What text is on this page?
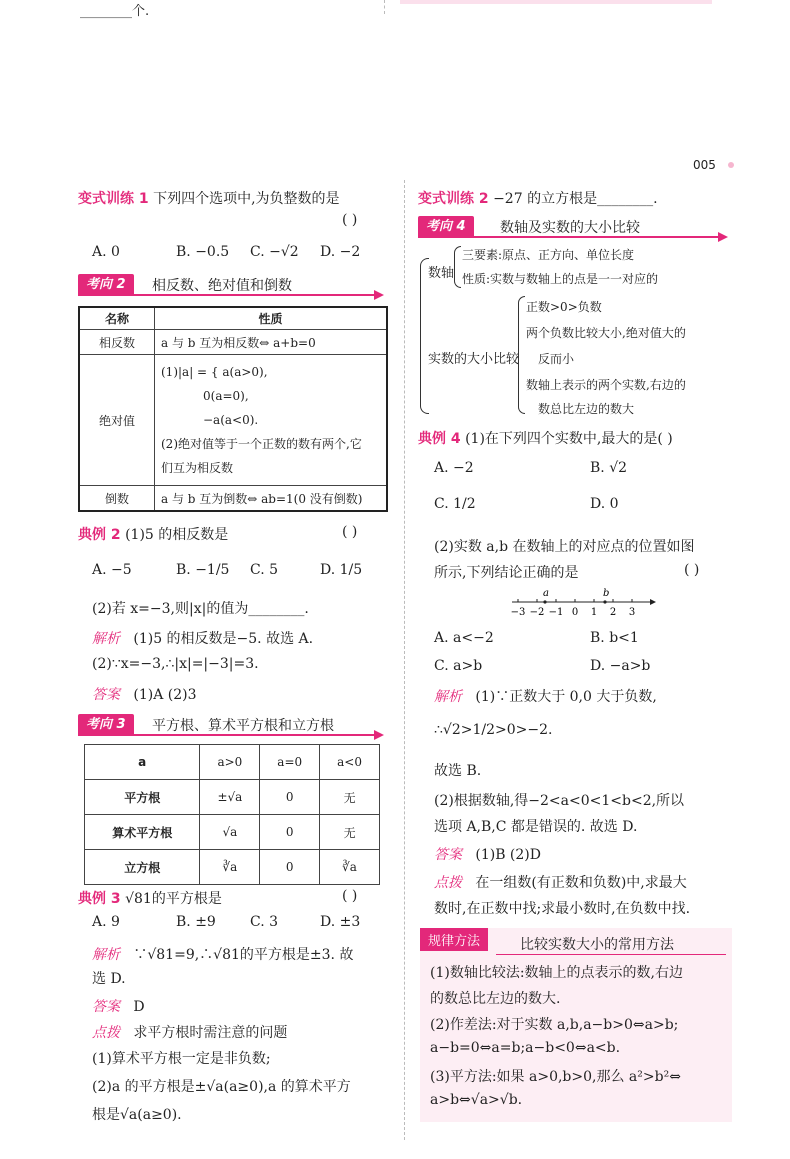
________个.
005
变式训练 1 下列四个选项中,为负整数的是
( )
A. 0	B. −0.5 C. −√2 D. −2
考向 2	相反数、绝对值和倒数
名称	性质
相反数	a 与 b 互为相反数⇔ a+b=0
绝对值	(1)|a| = { a(a>0),
0(a=0),
−a(a<0).
(2)绝对值等于一个正数的数有两个,它
们互为相反数

倒数	a 与 b 互为倒数⇔ ab=1(0 没有倒数)
典例 2 (1)5 的相反数是	( )
A. −5	B. −1/5 C. 5	D. 1/5
(2)若 x=−3,则|x|的值为________.
解析 (1)5 的相反数是−5. 故选 A.
(2)∵x=−3,∴|x|=|−3|=3.
答案 (1)A (2)3
考向 3	平方根、算术平方根和立方根
a	a>0	a=0	a<0
平方根	±√a	0	无
算术平方根	√a	0	无
立方根	∛a	0	∛a
典例 3 √81的平方根是	( )
A. 9	B. ±9 C. 3	D. ±3
解析 ∵√81=9,∴√81的平方根是±3. 故
选 D.
答案 D
点拨 求平方根时需注意的问题
(1)算术平方根一定是非负数;
(2)a 的平方根是±√a(a≥0),a 的算术平方
根是√a(a≥0).
变式训练 2 −27 的立方根是________.
考向 4	数轴及实数的大小比较
数轴
三要素:原点、正方向、单位长度
性质:实数与数轴上的点是一一对应的
实数的大小比较
正数>0>负数
两个负数比较大小,绝对值大的
反而小
数轴上表示的两个实数,右边的
数总比左边的数大
典例 4 (1)在下列四个实数中,最大的是( )
A. −2	B. √2
C. 1/2	D. 0
(2)实数 a,b 在数轴上的对应点的位置如图
所示,下列结论正确的是	( )
−3 −2 −1 0 1 2 3
a	b
A. a<−2	B. b<1
C. a>b	D. −a>b
解析 (1)∵正数大于 0,0 大于负数,
∴√2>1/2>0>−2.
故选 B.
(2)根据数轴,得−2<a<0<1<b<2,所以
选项 A,B,C 都是错误的. 故选 D.
答案 (1)B (2)D
点拨 在一组数(有正数和负数)中,求最大
数时,在正数中找;求最小数时,在负数中找.
规律方法	比较实数大小的常用方法
(1)数轴比较法:数轴上的点表示的数,右边
的数总比左边的数大.
(2)作差法:对于实数 a,b,a−b>0⇔a>b;
a−b=0⇔a=b;a−b<0⇔a<b.
(3)平方法:如果 a>0,b>0,那么 a²>b²⇔
a>b⇔√a>√b.
